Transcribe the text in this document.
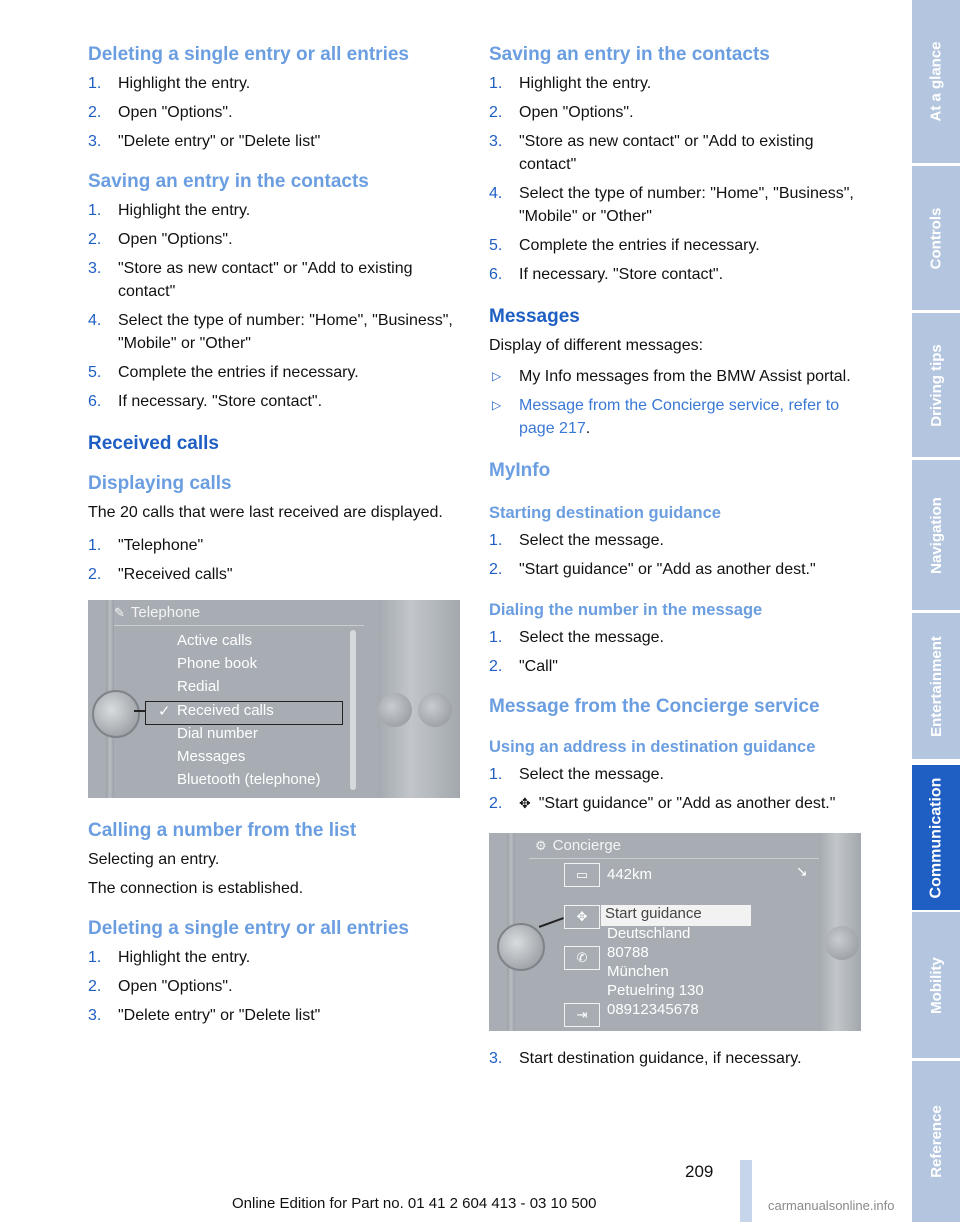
Deleting a single entry or all entries
1. Highlight the entry.
2. Open "Options".
3. "Delete entry" or "Delete list"
Saving an entry in the contacts
1. Highlight the entry.
2. Open "Options".
3. "Store as new contact" or "Add to existing contact"
4. Select the type of number: "Home", "Business", "Mobile" or "Other"
5. Complete the entries if necessary.
6. If necessary. "Store contact".
Received calls
Displaying calls

The 20 calls that were last received are displayed.

1. "Telephone"
2. "Received calls"
✎ Telephone
Active calls
Phone book
Redial
✓ Received calls
Dial number
Messages
Bluetooth (telephone)
Calling a number from the list

Selecting an entry.

The connection is established.

Deleting a single entry or all entries
1. Highlight the entry.
2. Open "Options".
3. "Delete entry" or "Delete list"
Saving an entry in the contacts
1. Highlight the entry.
2. Open "Options".
3. "Store as new contact" or "Add to existing contact"
4. Select the type of number: "Home", "Business", "Mobile" or "Other"
5. Complete the entries if necessary.
6. If necessary. "Store contact".
Messages

Display of different messages:

▷ My Info messages from the BMW Assist portal.
▷ Message from the Concierge service, refer to page 217.
MyInfo
Starting destination guidance
1. Select the message.
2. "Start guidance" or "Add as another dest."
Dialing the number in the message
1. Select the message.
2. "Call"
Message from the Concierge service
Using an address in destination guidance
1. Select the message.
2. ✥ "Start guidance" or "Add as another dest."
⚙ Concierge
▭	442km	↘
✥	Start guidance
Deutschland
80788
✆
München
Petuelring 130
⇥	08912345678
3. Start destination guidance, if necessary.
At a glance
Controls
Driving tips
Navigation
Entertainment
Communication
Mobility
Reference
209
Online Edition for Part no. 01 41 2 604 413 - 03 10 500	carmanualsonline.info
